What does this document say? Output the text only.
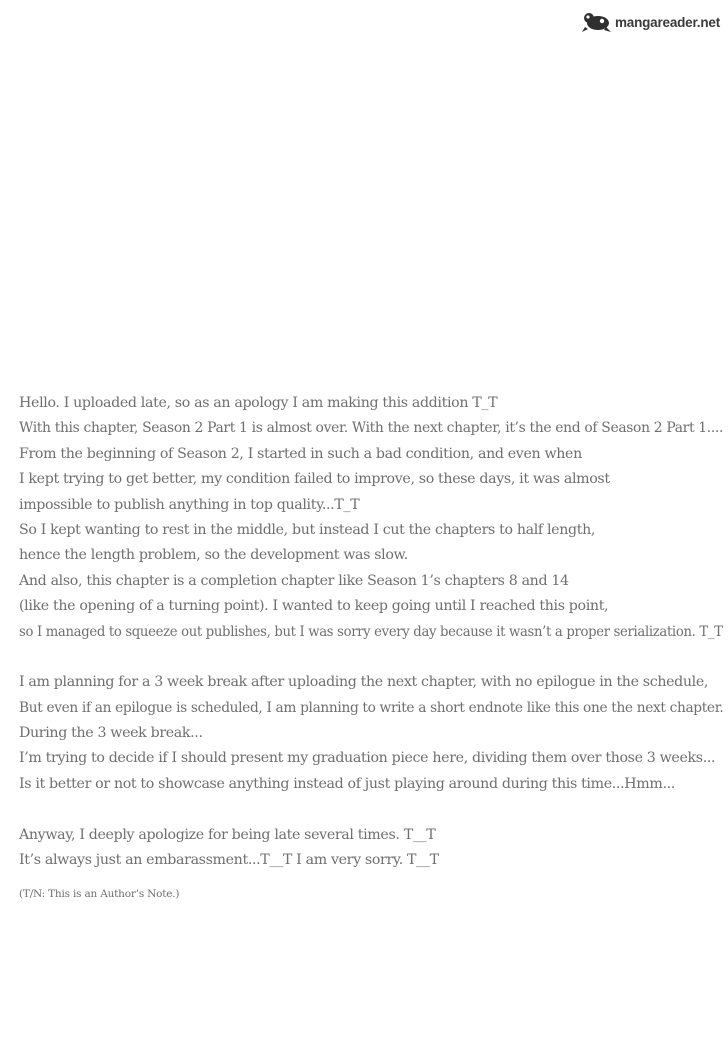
mangareader.net
Hello. I uploaded late, so as an apology I am making this addition T_T
With this chapter, Season 2 Part 1 is almost over. With the next chapter, it’s the end of Season 2 Part 1....
From the beginning of Season 2, I started in such a bad condition, and even when
I kept trying to get better, my condition failed to improve, so these days, it was almost
impossible to publish anything in top quality...T_T
So I kept wanting to rest in the middle, but instead I cut the chapters to half length,
hence the length problem, so the development was slow.
And also, this chapter is a completion chapter like Season 1’s chapters 8 and 14
(like the opening of a turning point). I wanted to keep going until I reached this point,
so I managed to squeeze out publishes, but I was sorry every day because it wasn’t a proper serialization. T_T
I am planning for a 3 week break after uploading the next chapter, with no epilogue in the schedule,
But even if an epilogue is scheduled, I am planning to write a short endnote like this one the next chapter.
During the 3 week break...
I’m trying to decide if I should present my graduation piece here, dividing them over those 3 weeks...
Is it better or not to showcase anything instead of just playing around during this time...Hmm...
Anyway, I deeply apologize for being late several times. T__T
It’s always just an embarassment...T__T I am very sorry. T__T
(T/N: This is an Author’s Note.)
